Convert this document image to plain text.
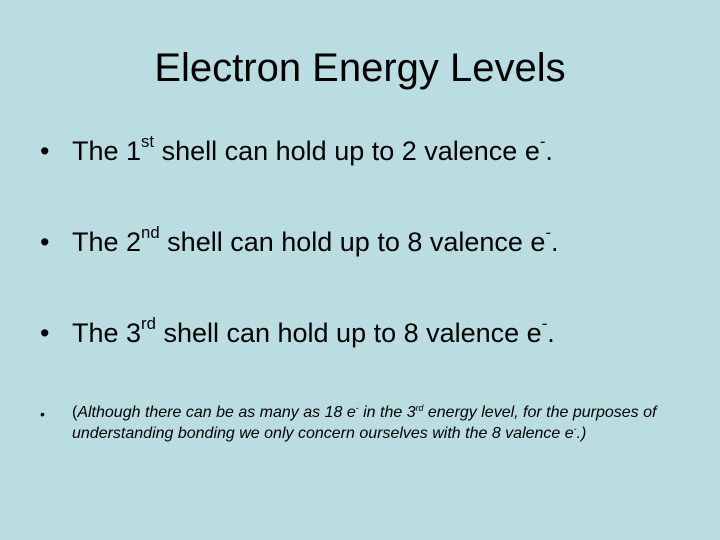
Electron Energy Levels
• The 1st shell can hold up to 2 valence e-.
• The 2nd shell can hold up to 8 valence e-.
• The 3rd shell can hold up to 8 valence e-.
• (Although there can be as many as 18 e- in the 3rd energy level, for the purposes of understanding bonding we only concern ourselves with the 8 valence e-.)
